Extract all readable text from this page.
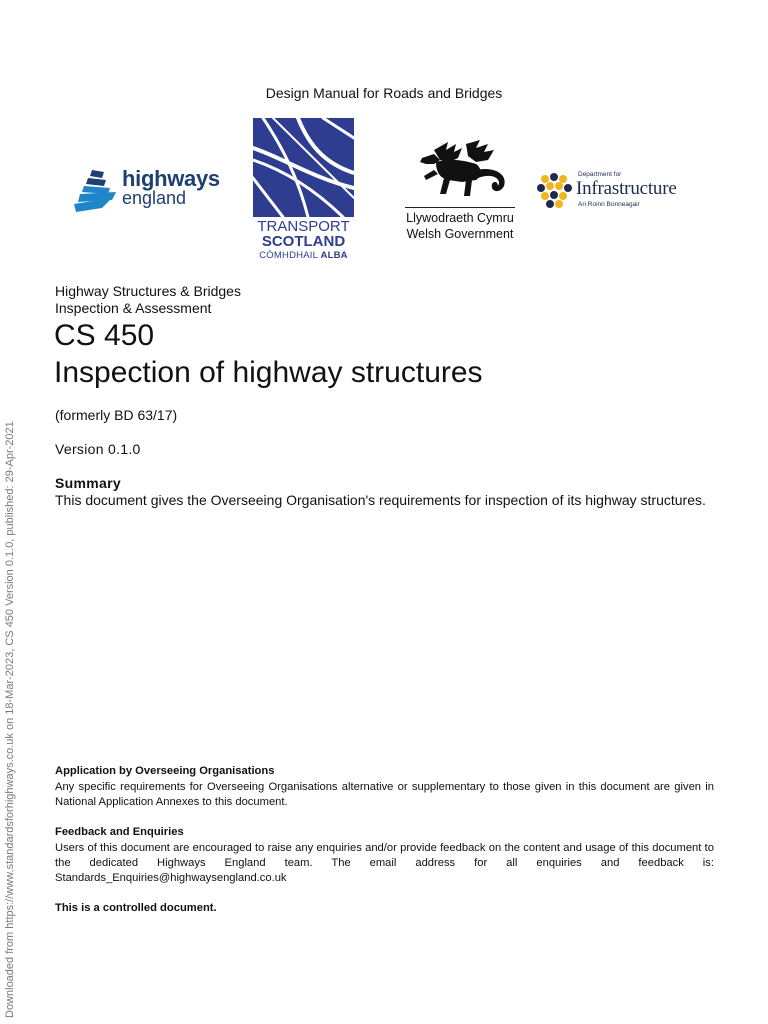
Design Manual for Roads and Bridges
highways
england
TRANSPORT
SCOTLAND
CÒMHDHAIL ALBA
Llywodraeth Cymru
Welsh Government
Department for
Infrastructure
An Roinn Bonneagair
Highway Structures & Bridges
Inspection & Assessment
CS 450
Inspection of highway structures
(formerly BD 63/17)
Version 0.1.0
Summary
This document gives the Overseeing Organisation's requirements for inspection of its highway structures.
Application by Overseeing Organisations
Any specific requirements for Overseeing Organisations alternative or supplementary to those given in this document are given in National Application Annexes to this document.
Feedback and Enquiries
Users of this document are encouraged to raise any enquiries and/or provide feedback on the content and usage of this document to the dedicated Highways England team. The email address for all enquiries and feedback is: Standards_Enquiries@highwaysengland.co.uk
This is a controlled document.
Downloaded from https://www.standardsforhighways.co.uk on 18-Mar-2023, CS 450 Version 0.1.0, published: 29-Apr-2021
